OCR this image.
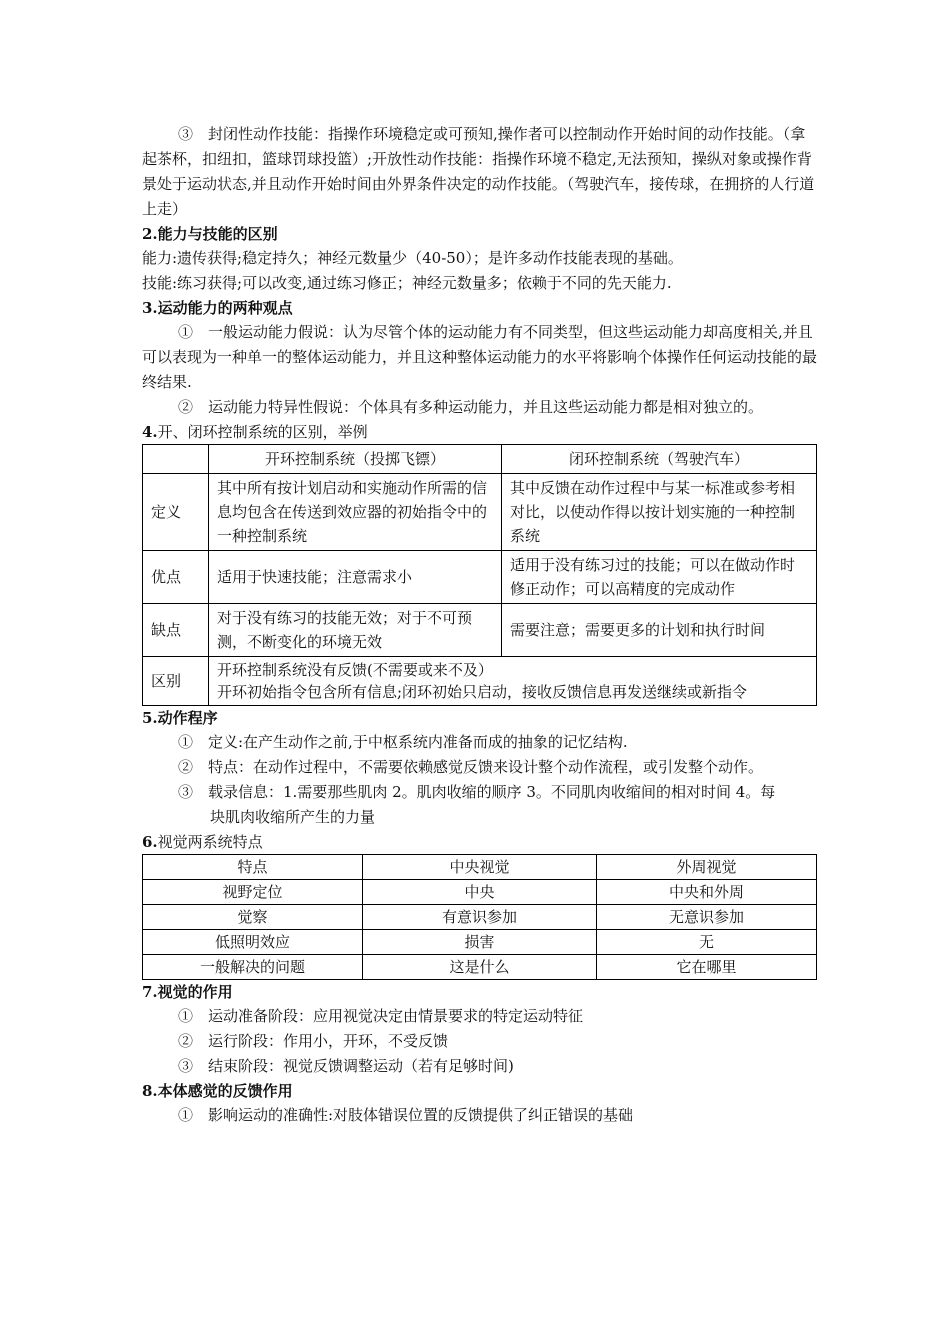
③　 封闭性动作技能：指操作环境稳定或可预知,操作者可以控制动作开始时间的动作技能。（拿起茶杯，扣纽扣，篮球罚球投篮）;开放性动作技能：指操作环境不稳定,无法预知，操纵对象或操作背景处于运动状态,并且动作开始时间由外界条件决定的动作技能。（驾驶汽车，接传球，在拥挤的人行道上走）

2.能力与技能的区别

能力:遗传获得;稳定持久；神经元数量少（40-50）；是许多动作技能表现的基础。

技能:练习获得;可以改变,通过练习修正；神经元数量多；依赖于不同的先天能力.

3.运动能力的两种观点

①　一般运动能力假说：认为尽管个体的运动能力有不同类型，但这些运动能力却高度相关,并且可以表现为一种单一的整体运动能力，并且这种整体运动能力的水平将影响个体操作任何运动技能的最终结果.

②　运动能力特异性假说：个体具有多种运动能力，并且这些运动能力都是相对独立的。

4.开、闭环控制系统的区别，举例

	开环控制系统（投掷飞镖）	闭环控制系统（驾驶汽车）
定义	其中所有按计划启动和实施动作所需的信息均包含在传送到效应器的初始指令中的一种控制系统	其中反馈在动作过程中与某一标准或参考相对比，以使动作得以按计划实施的一种控制系统
优点	适用于快速技能；注意需求小	适用于没有练习过的技能；可以在做动作时修正动作；可以高精度的完成动作
缺点	对于没有练习的技能无效；对于不可预测，不断变化的环境无效	需要注意；需要更多的计划和执行时间
区别	开环控制系统没有反馈(不需要或来不及）
开环初始指令包含所有信息;闭环初始只启动，接收反馈信息再发送继续或新指令	

5.动作程序

①　定义:在产生动作之前,于中枢系统内准备而成的抽象的记忆结构.

②　特点：在动作过程中，不需要依赖感觉反馈来设计整个动作流程，或引发整个动作。

③　载录信息：1.需要那些肌肉 2。肌肉收缩的顺序 3。不同肌肉收缩间的相对时间 4。每

块肌肉收缩所产生的力量

6.视觉两系统特点

特点	中央视觉	外周视觉
视野定位	中央	中央和外周
觉察	有意识参加	无意识参加
低照明效应	损害	无
一般解决的问题	这是什么	它在哪里

7.视觉的作用

①　运动准备阶段：应用视觉决定由情景要求的特定运动特征

②　运行阶段：作用小，开环，不受反馈

③　结束阶段：视觉反馈调整运动（若有足够时间)

8.本体感觉的反馈作用

①　影响运动的准确性:对肢体错误位置的反馈提供了纠正错误的基础
